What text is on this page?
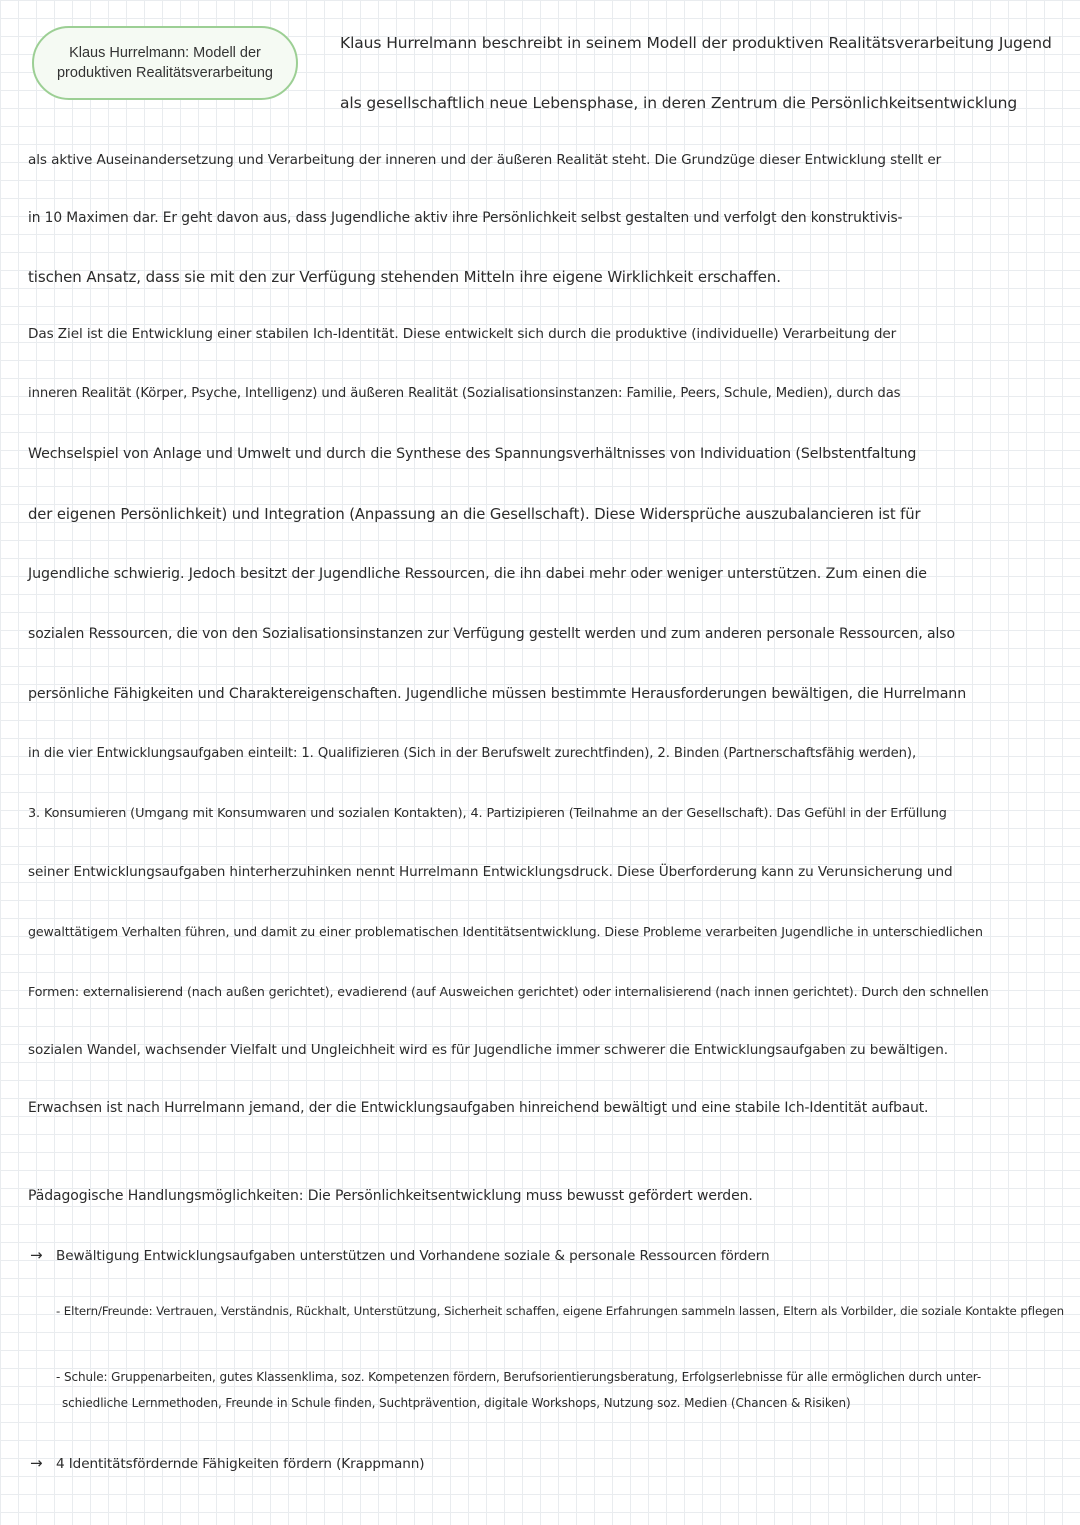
Klaus Hurrelmann: Modell der
produktiven Realitätsverarbeitung
Klaus Hurrelmann beschreibt in seinem Modell der produktiven Realitätsverarbeitung Jugend
als gesellschaftlich neue Lebensphase, in deren Zentrum die Persönlichkeitsentwicklung
als aktive Auseinandersetzung und Verarbeitung der inneren und der äußeren Realität steht. Die Grundzüge dieser Entwicklung stellt er
in 10 Maximen dar. Er geht davon aus, dass Jugendliche aktiv ihre Persönlichkeit selbst gestalten und verfolgt den konstruktivis-
tischen Ansatz, dass sie mit den zur Verfügung stehenden Mitteln ihre eigene Wirklichkeit erschaffen.
Das Ziel ist die Entwicklung einer stabilen Ich-Identität. Diese entwickelt sich durch die produktive (individuelle) Verarbeitung der
inneren Realität (Körper, Psyche, Intelligenz) und äußeren Realität (Sozialisationsinstanzen: Familie, Peers, Schule, Medien), durch das
Wechselspiel von Anlage und Umwelt und durch die Synthese des Spannungsverhältnisses von Individuation (Selbstentfaltung
der eigenen Persönlichkeit) und Integration (Anpassung an die Gesellschaft). Diese Widersprüche auszubalancieren ist für
Jugendliche schwierig. Jedoch besitzt der Jugendliche Ressourcen, die ihn dabei mehr oder weniger unterstützen. Zum einen die
sozialen Ressourcen, die von den Sozialisationsinstanzen zur Verfügung gestellt werden und zum anderen personale Ressourcen, also
persönliche Fähigkeiten und Charaktereigenschaften. Jugendliche müssen bestimmte Herausforderungen bewältigen, die Hurrelmann
in die vier Entwicklungsaufgaben einteilt: 1. Qualifizieren (Sich in der Berufswelt zurechtfinden), 2. Binden (Partnerschaftsfähig werden),
3. Konsumieren (Umgang mit Konsumwaren und sozialen Kontakten), 4. Partizipieren (Teilnahme an der Gesellschaft). Das Gefühl in der Erfüllung
seiner Entwicklungsaufgaben hinterherzuhinken nennt Hurrelmann Entwicklungsdruck. Diese Überforderung kann zu Verunsicherung und
gewalttätigem Verhalten führen, und damit zu einer problematischen Identitätsentwicklung. Diese Probleme verarbeiten Jugendliche in unterschiedlichen
Formen: externalisierend (nach außen gerichtet), evadierend (auf Ausweichen gerichtet) oder internalisierend (nach innen gerichtet). Durch den schnellen
sozialen Wandel, wachsender Vielfalt und Ungleichheit wird es für Jugendliche immer schwerer die Entwicklungsaufgaben zu bewältigen.
Erwachsen ist nach Hurrelmann jemand, der die Entwicklungsaufgaben hinreichend bewältigt und eine stabile Ich-Identität aufbaut.
Pädagogische Handlungsmöglichkeiten: Die Persönlichkeitsentwicklung muss bewusst gefördert werden.
→ Bewältigung Entwicklungsaufgaben unterstützen und Vorhandene soziale & personale Ressourcen fördern
- Eltern/Freunde: Vertrauen, Verständnis, Rückhalt, Unterstützung, Sicherheit schaffen, eigene Erfahrungen sammeln lassen, Eltern als Vorbilder, die soziale Kontakte pflegen
- Schule: Gruppenarbeiten, gutes Klassenklima, soz. Kompetenzen fördern, Berufsorientierungsberatung, Erfolgserlebnisse für alle ermöglichen durch unter-
schiedliche Lernmethoden, Freunde in Schule finden, Suchtprävention, digitale Workshops, Nutzung soz. Medien (Chancen & Risiken)
→ 4 Identitätsfördernde Fähigkeiten fördern (Krappmann)
